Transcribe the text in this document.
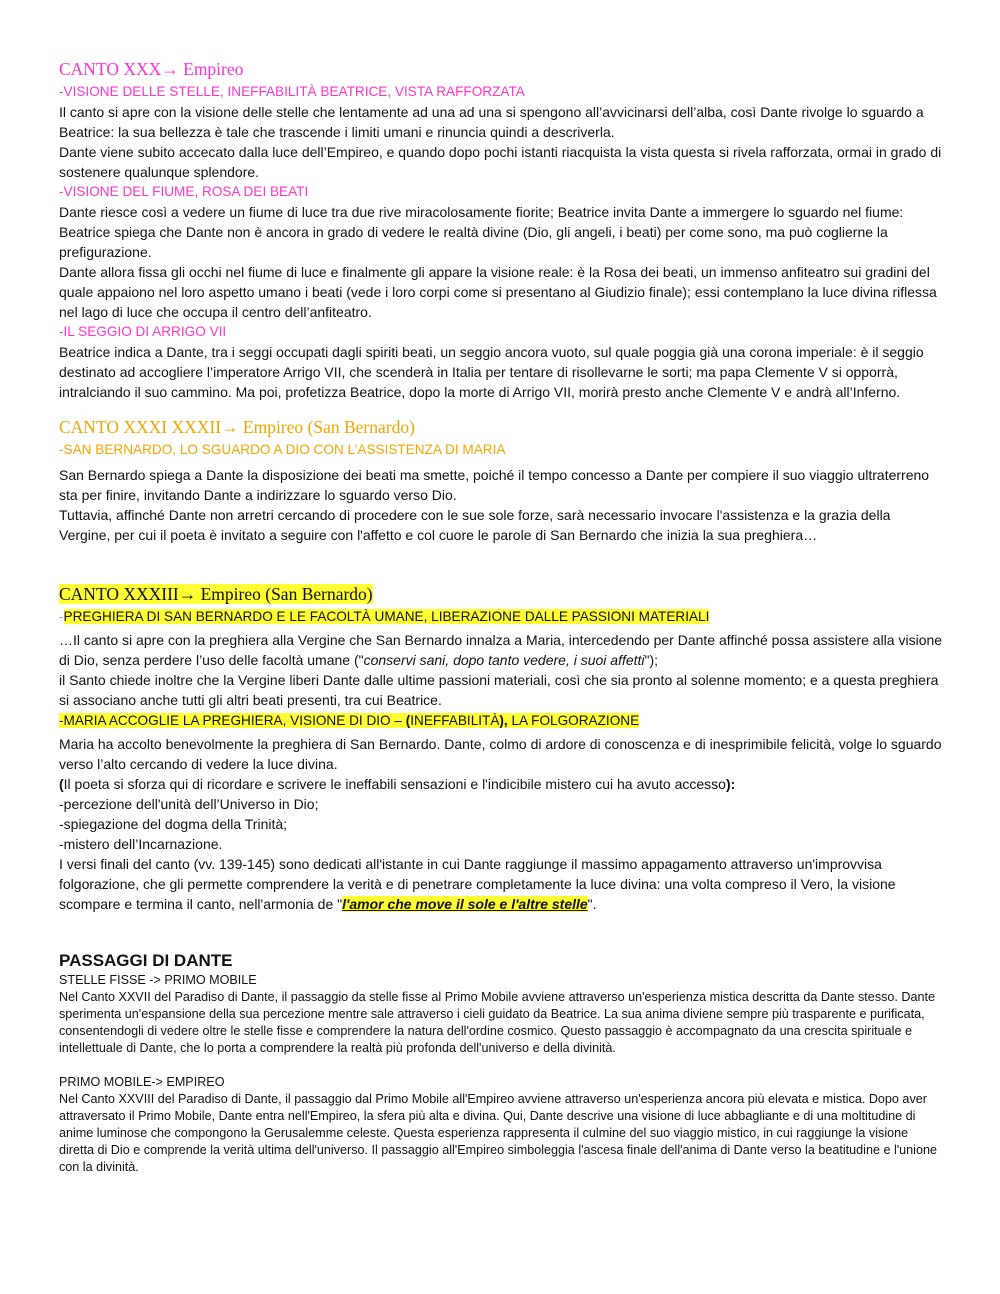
CANTO XXX→ Empireo

-VISIONE DELLE STELLE, INEFFABILITÀ BEATRICE, VISTA RAFFORZATA

Il canto si apre con la visione delle stelle che lentamente ad una ad una si spengono all’avvicinarsi dell’alba, così Dante rivolge lo sguardo a Beatrice: la sua bellezza è tale che trascende i limiti umani e rinuncia quindi a descriverla.

Dante viene subito accecato dalla luce dell’Empireo, e quando dopo pochi istanti riacquista la vista questa si rivela rafforzata, ormai in grado di sostenere qualunque splendore.

-VISIONE DEL FIUME, ROSA DEI BEATI

Dante riesce così a vedere un fiume di luce tra due rive miracolosamente fiorite; Beatrice invita Dante a immergere lo sguardo nel fiume: Beatrice spiega che Dante non è ancora in grado di vedere le realtà divine (Dio, gli angeli, i beati) per come sono, ma può coglierne la prefigurazione.

Dante allora fissa gli occhi nel fiume di luce e finalmente gli appare la visione reale: è la Rosa dei beati, un immenso anfiteatro sui gradini del quale appaiono nel loro aspetto umano i beati (vede i loro corpi come si presentano al Giudizio finale); essi contemplano la luce divina riflessa nel lago di luce che occupa il centro dell’anfiteatro.

-IL SEGGIO DI ARRIGO VII

Beatrice indica a Dante, tra i seggi occupati dagli spiriti beati, un seggio ancora vuoto, sul quale poggia già una corona imperiale: è il seggio destinato ad accogliere l’imperatore Arrigo VII, che scenderà in Italia per tentare di risollevarne le sorti; ma papa Clemente V si opporrà, intralciando il suo cammino. Ma poi, profetizza Beatrice, dopo la morte di Arrigo VII, morirà presto anche Clemente V e andrà all’Inferno.

CANTO XXXI XXXII→ Empireo (San Bernardo)

-SAN BERNARDO, LO SGUARDO A DIO CON L’ASSISTENZA DI MARIA

San Bernardo spiega a Dante la disposizione dei beati ma smette, poiché il tempo concesso a Dante per compiere il suo viaggio ultraterreno sta per finire, invitando Dante a indirizzare lo sguardo verso Dio.

Tuttavia, affinché Dante non arretri cercando di procedere con le sue sole forze, sarà necessario invocare l'assistenza e la grazia della Vergine, per cui il poeta è invitato a seguire con l'affetto e col cuore le parole di San Bernardo che inizia la sua preghiera…

CANTO XXXIII→ Empireo (San Bernardo)

-PREGHIERA DI SAN BERNARDO E LE FACOLTÀ UMANE, LIBERAZIONE DALLE PASSIONI MATERIALI

…Il canto si apre con la preghiera alla Vergine che San Bernardo innalza a Maria, intercedendo per Dante affinché possa assistere alla visione di Dio, senza perdere l’uso delle facoltà umane ("conservi sani, dopo tanto vedere, i suoi affetti");

il Santo chiede inoltre che la Vergine liberi Dante dalle ultime passioni materiali, così che sia pronto al solenne momento; e a questa preghiera si associano anche tutti gli altri beati presenti, tra cui Beatrice.

-MARIA ACCOGLIE LA PREGHIERA, VISIONE DI DIO – (INEFFABILITÀ), LA FOLGORAZIONE

Maria ha accolto benevolmente la preghiera di San Bernardo. Dante, colmo di ardore di conoscenza e di inesprimibile felicità, volge lo sguardo verso l’alto cercando di vedere la luce divina.

(Il poeta si sforza qui di ricordare e scrivere le ineffabili sensazioni e l'indicibile mistero cui ha avuto accesso):

-percezione dell'unità dell’Universo in Dio;

-spiegazione del dogma della Trinità;

-mistero dell’Incarnazione.

I versi finali del canto (vv. 139-145) sono dedicati all'istante in cui Dante raggiunge il massimo appagamento attraverso un'improvvisa folgorazione, che gli permette comprendere la verità e di penetrare completamente la luce divina: una volta compreso il Vero, la visione scompare e termina il canto, nell'armonia de "l'amor che move il sole e l'altre stelle".

PASSAGGI DI DANTE

STELLE FISSE -> PRIMO MOBILE

Nel Canto XXVII del Paradiso di Dante, il passaggio da stelle fisse al Primo Mobile avviene attraverso un'esperienza mistica descritta da Dante stesso. Dante sperimenta un'espansione della sua percezione mentre sale attraverso i cieli guidato da Beatrice. La sua anima diviene sempre più trasparente e purificata, consentendogli di vedere oltre le stelle fisse e comprendere la natura dell'ordine cosmico. Questo passaggio è accompagnato da una crescita spirituale e intellettuale di Dante, che lo porta a comprendere la realtà più profonda dell'universo e della divinità.

PRIMO MOBILE-> EMPIREO

Nel Canto XXVIII del Paradiso di Dante, il passaggio dal Primo Mobile all'Empireo avviene attraverso un'esperienza ancora più elevata e mistica. Dopo aver attraversato il Primo Mobile, Dante entra nell'Empireo, la sfera più alta e divina. Qui, Dante descrive una visione di luce abbagliante e di una moltitudine di anime luminose che compongono la Gerusalemme celeste. Questa esperienza rappresenta il culmine del suo viaggio mistico, in cui raggiunge la visione diretta di Dio e comprende la verità ultima dell'universo. Il passaggio all'Empireo simboleggia l'ascesa finale dell'anima di Dante verso la beatitudine e l'unione con la divinità.
